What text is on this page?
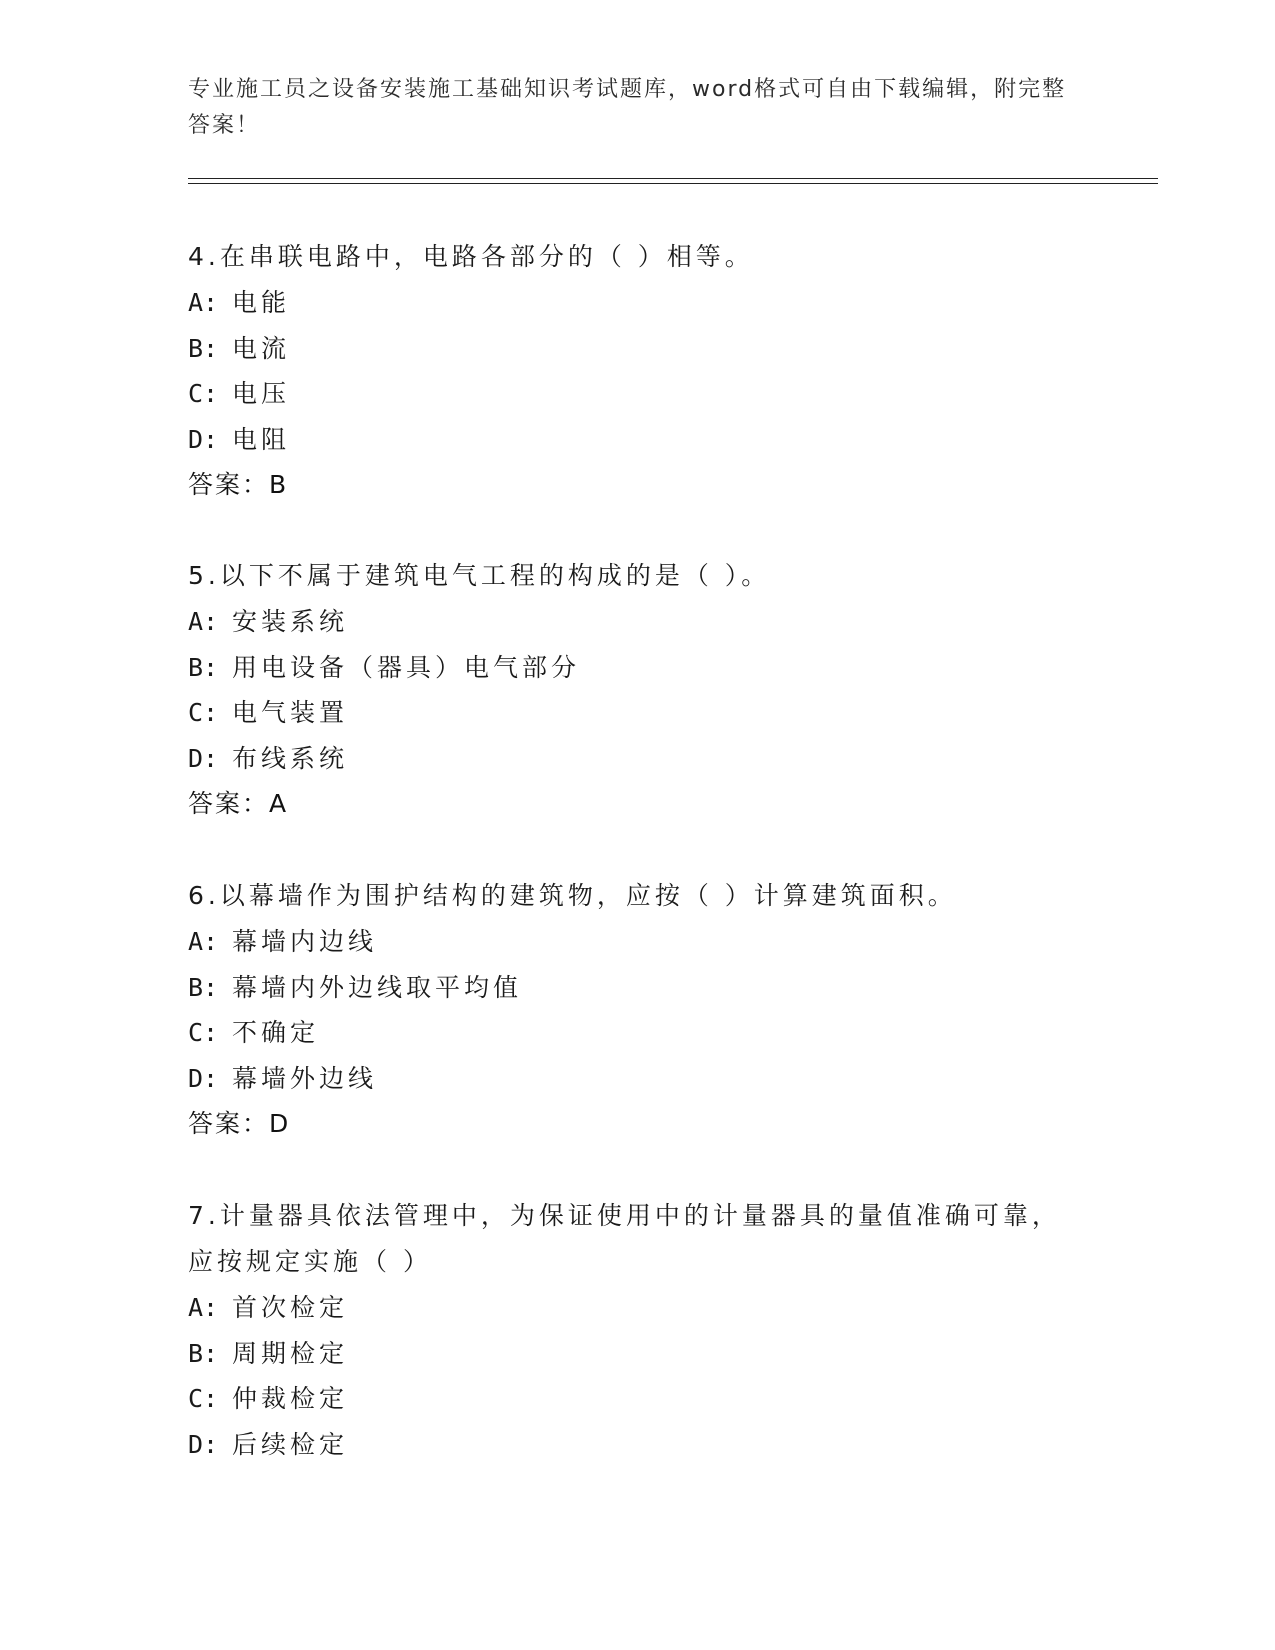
专业施工员之设备安装施工基础知识考试题库，word格式可自由下载编辑，附完整答案！

4.在串联电路中，电路各部分的（ ）相等。

A: 电能
B: 电流
C: 电压
D: 电阻
答案：B

5.以下不属于建筑电气工程的构成的是（ ）。

A: 安装系统
B: 用电设备（器具）电气部分
C: 电气装置
D: 布线系统
答案：A

6.以幕墙作为围护结构的建筑物，应按（ ）计算建筑面积。

A: 幕墙内边线
B: 幕墙内外边线取平均值
C: 不确定
D: 幕墙外边线
答案：D

7.计量器具依法管理中，为保证使用中的计量器具的量值准确可靠，应按规定实施（ ）

A: 首次检定
B: 周期检定
C: 仲裁检定
D: 后续检定
